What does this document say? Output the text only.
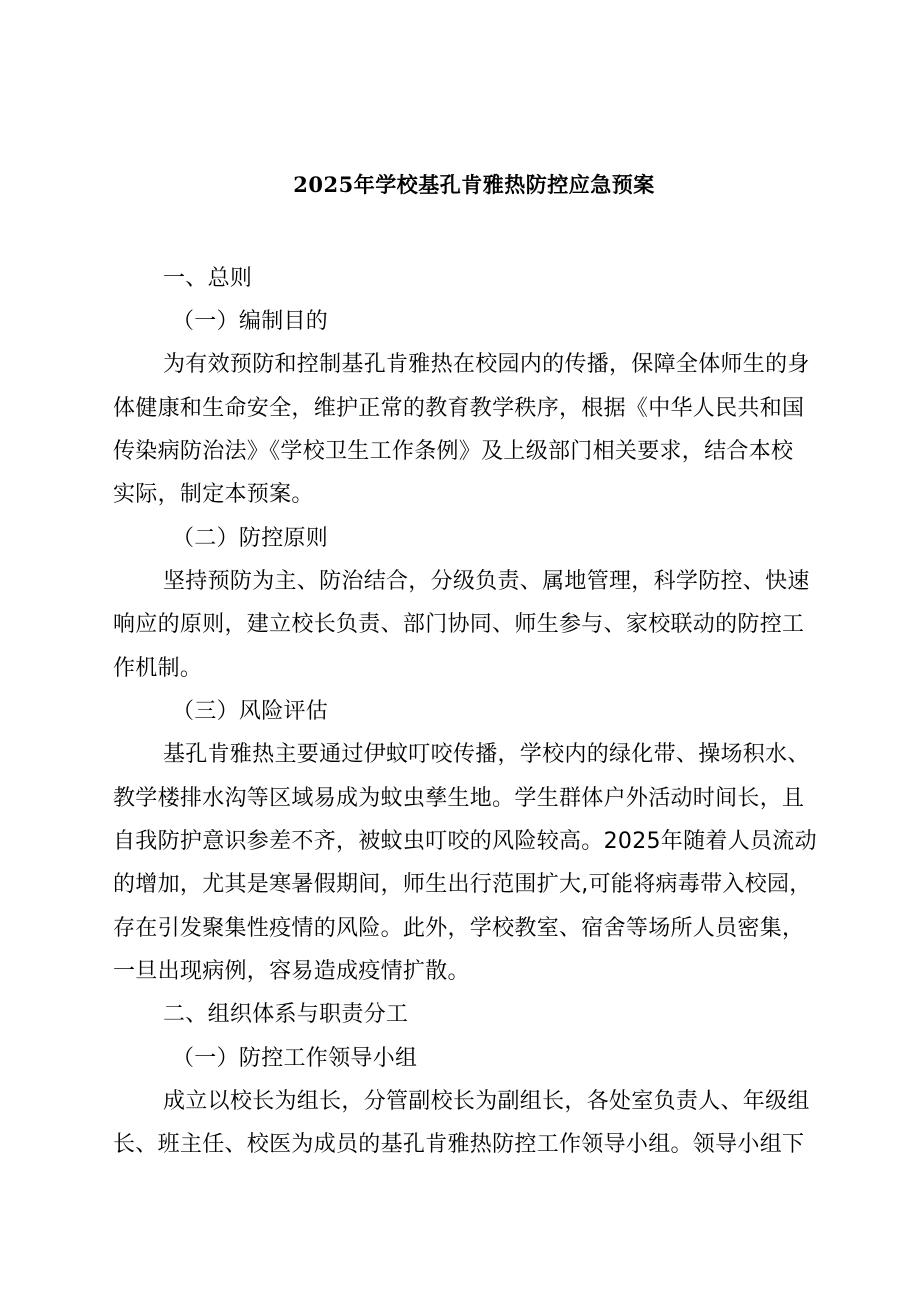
2025年学校基孔肯雅热防控应急预案
一、总则
（一）编制目的
为有效预防和控制基孔肯雅热在校园内的传播，保障全体师生的身
体健康和生命安全，维护正常的教育教学秩序，根据《中华人民共和国
传染病防治法》《学校卫生工作条例》及上级部门相关要求，结合本校
实际，制定本预案。
（二）防控原则
坚持预防为主、防治结合，分级负责、属地管理，科学防控、快速
响应的原则，建立校长负责、部门协同、师生参与、家校联动的防控工
作机制。
（三）风险评估
基孔肯雅热主要通过伊蚊叮咬传播，学校内的绿化带、操场积水、
教学楼排水沟等区域易成为蚊虫孳生地。学生群体户外活动时间长，且
自我防护意识参差不齐，被蚊虫叮咬的风险较高。2025年随着人员流动
的增加，尤其是寒暑假期间，师生出行范围扩大,可能将病毒带入校园，
存在引发聚集性疫情的风险。此外，学校教室、宿舍等场所人员密集，
一旦出现病例，容易造成疫情扩散。
二、组织体系与职责分工
（一）防控工作领导小组
成立以校长为组长，分管副校长为副组长，各处室负责人、年级组
长、班主任、校医为成员的基孔肯雅热防控工作领导小组。领导小组下
